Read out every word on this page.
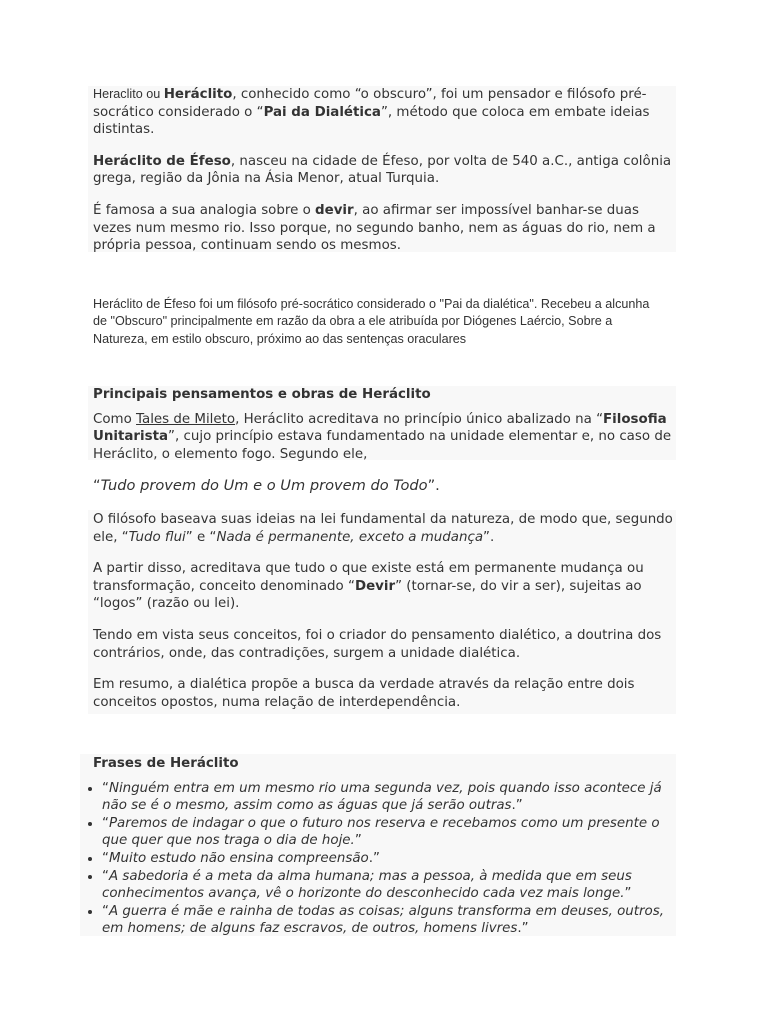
Heraclito ou Heráclito, conhecido como “o obscuro”, foi um pensador e filósofo pré-socrático considerado o “Pai da Dialética”, método que coloca em embate ideias distintas.

Heráclito de Éfeso, nasceu na cidade de Éfeso, por volta de 540 a.C., antiga colônia grega, região da Jônia na Ásia Menor, atual Turquia.

É famosa a sua analogia sobre o devir, ao afirmar ser impossível banhar-se duas vezes num mesmo rio. Isso porque, no segundo banho, nem as águas do rio, nem a própria pessoa, continuam sendo os mesmos.

Heráclito de Éfeso foi um filósofo pré-socrático considerado o "Pai da dialética". Recebeu a alcunha de "Obscuro" principalmente em razão da obra a ele atribuída por Diógenes Laércio, Sobre a Natureza, em estilo obscuro, próximo ao das sentenças oraculares

Principais pensamentos e obras de Heráclito

Como Tales de Mileto, Heráclito acreditava no princípio único abalizado na “Filosofia Unitarista”, cujo princípio estava fundamentado na unidade elementar e, no caso de Heráclito, o elemento fogo. Segundo ele,

“Tudo provem do Um e o Um provem do Todo”.

O filósofo baseava suas ideias na lei fundamental da natureza, de modo que, segundo ele, “Tudo flui” e “Nada é permanente, exceto a mudança”.

A partir disso, acreditava que tudo o que existe está em permanente mudança ou transformação, conceito denominado “Devir” (tornar-se, do vir a ser), sujeitas ao “logos” (razão ou lei).

Tendo em vista seus conceitos, foi o criador do pensamento dialético, a doutrina dos contrários, onde, das contradições, surgem a unidade dialética.

Em resumo, a dialética propõe a busca da verdade através da relação entre dois conceitos opostos, numa relação de interdependência.

Frases de Heráclito

• “Ninguém entra em um mesmo rio uma segunda vez, pois quando isso acontece já não se é o mesmo, assim como as águas que já serão outras.”
• “Paremos de indagar o que o futuro nos reserva e recebamos como um presente o que quer que nos traga o dia de hoje.”
• “Muito estudo não ensina compreensão.”
• “A sabedoria é a meta da alma humana; mas a pessoa, à medida que em seus conhecimentos avança, vê o horizonte do desconhecido cada vez mais longe.”
• “A guerra é mãe e rainha de todas as coisas; alguns transforma em deuses, outros, em homens; de alguns faz escravos, de outros, homens livres.”
